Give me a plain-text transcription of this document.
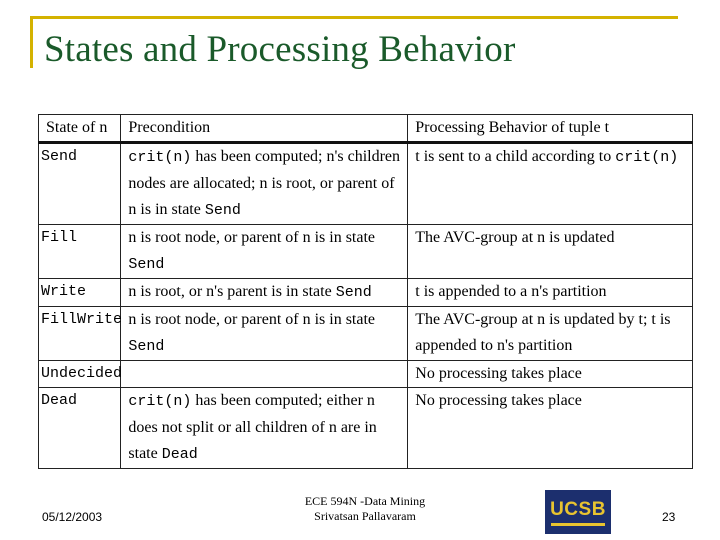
States and Processing Behavior
State of n	Precondition	Processing Behavior of tuple t
Send	crit(n) has been computed; n's children nodes are allocated; n is root, or parent of n is in state Send	t is sent to a child according to crit(n)
Fill	n is root node, or parent of n is in state Send	The AVC-group at n is updated
Write	n is root, or n's parent is in state Send	t is appended to a n's partition
FillWrite	n is root node, or parent of n is in state Send	The AVC-group at n is updated by t; t is appended to n's partition
Undecided		No processing takes place
Dead	crit(n) has been computed; either n does not split or all children of n are in state Dead	No processing takes place
05/12/2003
ECE 594N -Data Mining
Srivatsan Pallavaram	UCSB	23
